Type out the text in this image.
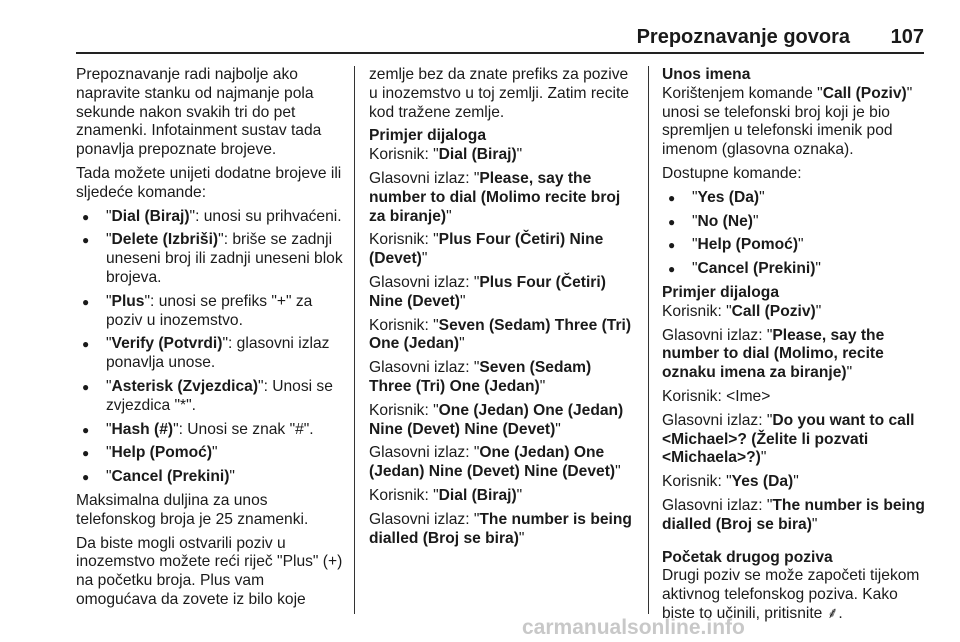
Prepoznavanje govora 107

Prepoznavanje radi najbolje ako napravite stanku od najmanje pola sekunde nakon svakih tri do pet znamenki. Infotainment sustav tada ponavlja prepoznate brojeve.

Tada možete unijeti dodatne brojeve ili sljedeće komande:

● "Dial (Biraj)": unosi su prihvaćeni.
● "Delete (Izbriši)": briše se zadnji uneseni broj ili zadnji uneseni blok brojeva.
● "Plus": unosi se prefiks "+" za poziv u inozemstvo.
● "Verify (Potvrdi)": glasovni izlaz ponavlja unose.
● "Asterisk (Zvjezdica)": Unosi se zvjezdica "*".
● "Hash (#)": Unosi se znak "#".
● "Help (Pomoć)"
● "Cancel (Prekini)"

Maksimalna duljina za unos telefonskog broja je 25 znamenki.

Da biste mogli ostvarili poziv u inozemstvo možete reći riječ "Plus" (+) na početku broja. Plus vam omogućava da zovete iz bilo koje

zemlje bez da znate prefiks za pozive u inozemstvo u toj zemlji. Zatim recite kod tražene zemlje.

Primjer dijaloga

Korisnik: "Dial (Biraj)"

Glasovni izlaz: "Please, say the number to dial (Molimo recite broj za biranje)"

Korisnik: "Plus Four (Četiri) Nine (Devet)"

Glasovni izlaz: "Plus Four (Četiri) Nine (Devet)"

Korisnik: "Seven (Sedam) Three (Tri) One (Jedan)"

Glasovni izlaz: "Seven (Sedam) Three (Tri) One (Jedan)"

Korisnik: "One (Jedan) One (Jedan) Nine (Devet) Nine (Devet)"

Glasovni izlaz: "One (Jedan) One (Jedan) Nine (Devet) Nine (Devet)"

Korisnik: "Dial (Biraj)"

Glasovni izlaz: "The number is being dialled (Broj se bira)"

Unos imena

Korištenjem komande "Call (Poziv)" unosi se telefonski broj koji je bio spremljen u telefonski imenik pod imenom (glasovna oznaka).

Dostupne komande:

● "Yes (Da)"
● "No (Ne)"
● "Help (Pomoć)"
● "Cancel (Prekini)"

Primjer dijaloga

Korisnik: "Call (Poziv)"

Glasovni izlaz: "Please, say the number to dial (Molimo, recite oznaku imena za biranje)"

Korisnik: <Ime>

Glasovni izlaz: "Do you want to call <Michael>? (Želite li pozvati <Michaela>?)"

Korisnik: "Yes (Da)"

Glasovni izlaz: "The number is being dialled (Broj se bira)"

Početak drugog poziva

Drugi poziv se može započeti tijekom aktivnog telefonskog poziva. Kako biste to učinili, pritisnite ⸙.

carmanualsonline.info
